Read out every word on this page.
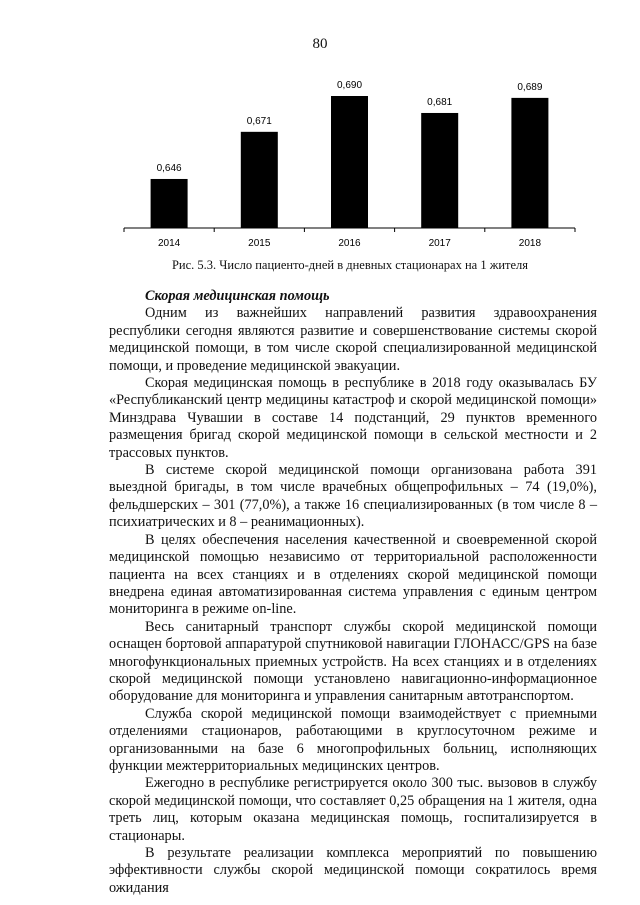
80
0,646
2014
0,671
2015
0,690
2016
0,681
2017
0,689
2018
Рис. 5.3. Число пациенто-дней в дневных стационарах на 1 жителя

Скорая медицинская помощь

Одним из важнейших направлений развития здравоохранения республики сегодня являются развитие и совершенствование системы скорой медицинской помощи, в том числе скорой специализированной медицинской помощи, и проведение медицинской эвакуации.

Скорая медицинская помощь в республике в 2018 году оказывалась БУ «Республиканский центр медицины катастроф и скорой медицинской помощи» Минздрава Чувашии в составе 14 подстанций, 29 пунктов временного размещения бригад скорой медицинской помощи в сельской местности и 2 трассовых пунктов.

В системе скорой медицинской помощи организована работа 391 выездной бригады, в том числе врачебных общепрофильных – 74 (19,0%), фельдшерских – 301 (77,0%), а также 16 специализированных (в том числе 8 – психиатрических и 8 – реанимационных).

В целях обеспечения населения качественной и своевременной скорой медицинской помощью независимо от территориальной расположенности пациента на всех станциях и в отделениях скорой медицинской помощи внедрена единая автоматизированная система управления с единым центром мониторинга в режиме on-line.

Весь санитарный транспорт службы скорой медицинской помощи оснащен бортовой аппаратурой спутниковой навигации ГЛОНАСС/GPS на базе многофункциональных приемных устройств. На всех станциях и в отделениях скорой медицинской помощи установлено навигационно-информационное оборудование для мониторинга и управления санитарным автотранспортом.

Служба скорой медицинской помощи взаимодействует с приемными отделениями стационаров, работающими в круглосуточном режиме и организованными на базе 6 многопрофильных больниц, исполняющих функции межтерриториальных медицинских центров.

Ежегодно в республике регистрируется около 300 тыс. вызовов в службу скорой медицинской помощи, что составляет 0,25 обращения на 1 жителя, одна треть лиц, которым оказана медицинская помощь, госпитализируется в стационары.

В результате реализации комплекса мероприятий по повышению эффективности службы скорой медицинской помощи сократилось время ожидания
